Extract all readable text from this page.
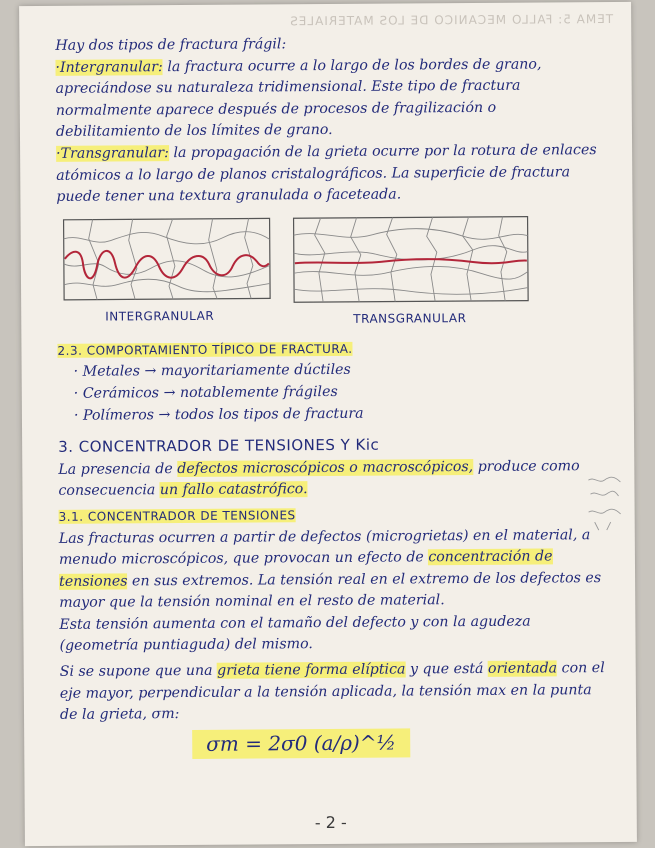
TEMA 5: FALLO MECANICO DE LOS MATERIALES

Hay dos tipos de fractura frágil:

·Intergranular: la fractura ocurre a lo largo de los bordes de grano, apreciándose su naturaleza tridimensional. Este tipo de fractura normalmente aparece después de procesos de fragilización o debilitamiento de los límites de grano.

·Transgranular: la propagación de la grieta ocurre por la rotura de enlaces atómicos a lo largo de planos cristalográficos. La superficie de fractura puede tener una textura granulada o faceteada.

INTERGRANULAR	TRANSGRANULAR

2.3. COMPORTAMIENTO TÍPICO DE FRACTURA.

· Metales → mayoritariamente dúctiles

· Cerámicos → notablemente frágiles

· Polímeros → todos los tipos de fractura

3. CONCENTRADOR DE TENSIONES Y Kic

La presencia de defectos microscópicos o macroscópicos, produce como consecuencia un fallo catastrófico.

3.1. CONCENTRADOR DE TENSIONES

Las fracturas ocurren a partir de defectos (microgrietas) en el material, a menudo microscópicos, que provocan un efecto de concentración de tensiones en sus extremos. La tensión real en el extremo de los defectos es mayor que la tensión nominal en el resto de material.

Esta tensión aumenta con el tamaño del defecto y con la agudeza (geometría puntiaguda) del mismo.

Si se supone que una grieta tiene forma elíptica y que está orientada con el eje mayor, perpendicular a la tensión aplicada, la tensión max en la punta de la grieta, σm:

σm = 2σ0 (a/ρ)^½
- 2 -
